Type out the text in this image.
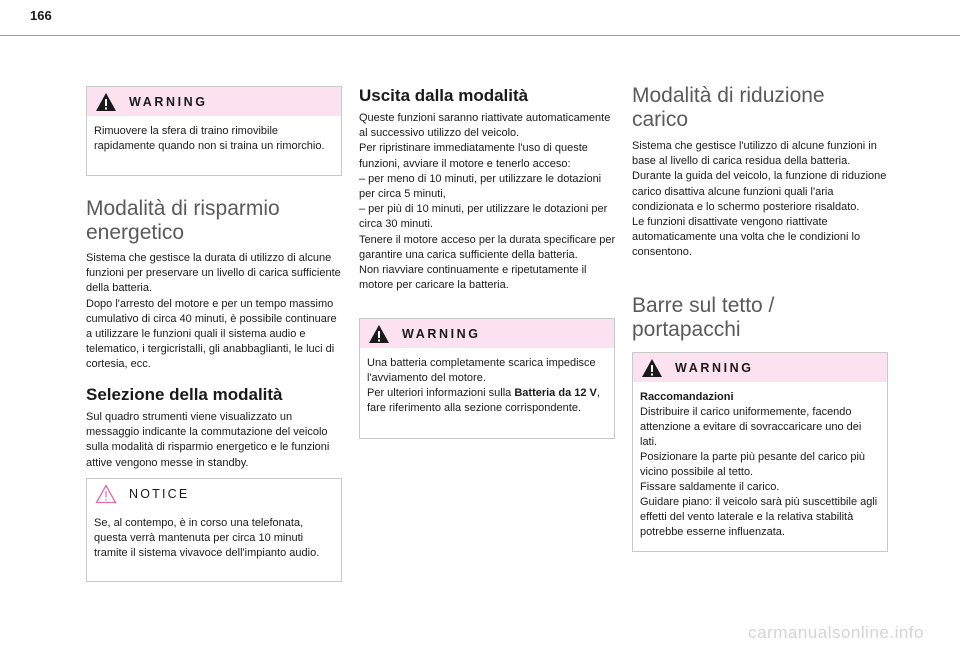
166
WARNING

Rimuovere la sfera di traino rimovibile rapidamente quando non si traina un rimorchio.

Modalità di risparmio
energetico

Sistema che gestisce la durata di utilizzo di alcune funzioni per preservare un livello di carica sufficiente della batteria.

Dopo l'arresto del motore e per un tempo massimo cumulativo di circa 40 minuti, è possibile continuare a utilizzare le funzioni quali il sistema audio e telematico, i tergicristalli, gli anabbaglianti, le luci di cortesia, ecc.

Selezione della modalità

Sul quadro strumenti viene visualizzato un messaggio indicante la commutazione del veicolo sulla modalità di risparmio energetico e le funzioni attive vengono messe in standby.

NOTICE

Se, al contempo, è in corso una telefonata, questa verrà mantenuta per circa 10 minuti tramite il sistema vivavoce dell'impianto audio.

Uscita dalla modalità

Queste funzioni saranno riattivate automaticamente al successivo utilizzo del veicolo.

Per ripristinare immediatamente l'uso di queste funzioni, avviare il motore e tenerlo acceso:

– per meno di 10 minuti, per utilizzare le dotazioni per circa 5 minuti,

– per più di 10 minuti, per utilizzare le dotazioni per circa 30 minuti.

Tenere il motore acceso per la durata specificare per garantire una carica sufficiente della batteria.

Non riavviare continuamente e ripetutamente il motore per caricare la batteria.

WARNING

Una batteria completamente scarica impedisce l'avviamento del motore.

Per ulteriori informazioni sulla Batteria da 12 V, fare riferimento alla sezione corrispondente.

Modalità di riduzione
carico

Sistema che gestisce l'utilizzo di alcune funzioni in base al livello di carica residua della batteria.

Durante la guida del veicolo, la funzione di riduzione carico disattiva alcune funzioni quali l'aria condizionata e lo schermo posteriore risaldato.

Le funzioni disattivate vengono riattivate automaticamente una volta che le condizioni lo consentono.

Barre sul tetto /
portapacchi
WARNING

Raccomandazioni

Distribuire il carico uniformemente, facendo attenzione a evitare di sovraccaricare uno dei lati.

Posizionare la parte più pesante del carico più vicino possibile al tetto.

Fissare saldamente il carico.

Guidare piano: il veicolo sarà più suscettibile agli effetti del vento laterale e la relativa stabilità potrebbe esserne influenzata.

carmanualsonline.info
